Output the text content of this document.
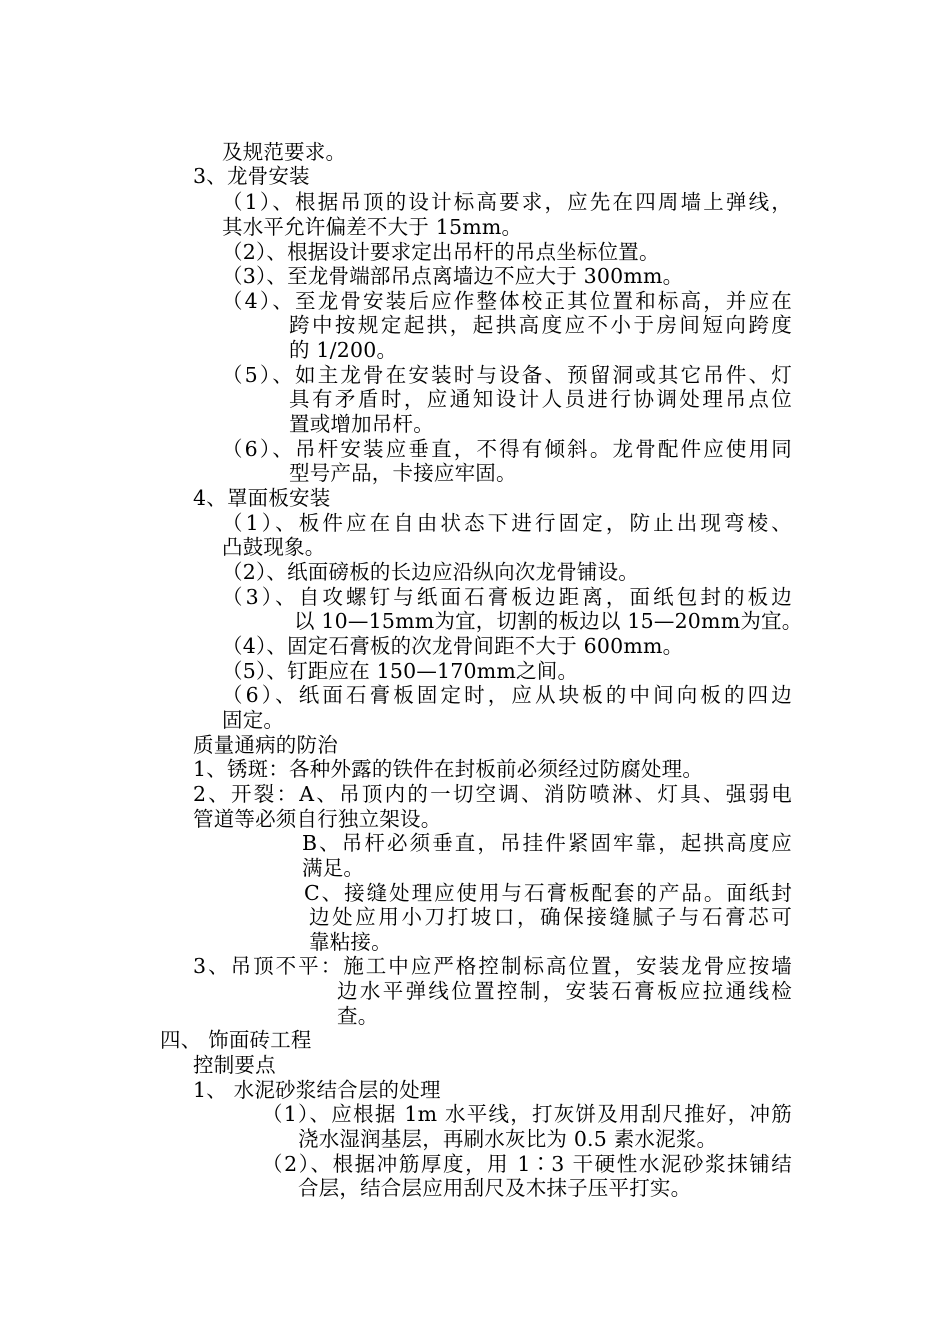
及规范要求。

3、龙骨安装

（1）、根据吊顶的设计标高要求，应先在四周墙上弹线，

其水平允许偏差不大于 15mm。

（2）、根据设计要求定出吊杆的吊点坐标位置。

（3）、至龙骨端部吊点离墙边不应大于 300mm。

（4）、至龙骨安装后应作整体校正其位置和标高，并应在

跨中按规定起拱，起拱高度应不小于房间短向跨度

的 1/200。

（5）、如主龙骨在安装时与设备、预留洞或其它吊件、灯

具有矛盾时，应通知设计人员进行协调处理吊点位

置或增加吊杆。

（6）、吊杆安装应垂直，不得有倾斜。龙骨配件应使用同

型号产品，卡接应牢固。

4、罩面板安装

（1）、板件应在自由状态下进行固定，防止出现弯棱、

凸鼓现象。

（2）、纸面磅板的长边应沿纵向次龙骨铺设。

（3）、自攻螺钉与纸面石膏板边距离，面纸包封的板边

以 10—15mm为宜，切割的板边以 15—20mm为宜。

（4）、固定石膏板的次龙骨间距不大于 600mm。

（5）、钉距应在 150—170mm之间。

（6）、纸面石膏板固定时，应从块板的中间向板的四边

固定。

质量通病的防治

1、锈斑：各种外露的铁件在封板前必须经过防腐处理。

2、开裂：A、吊顶内的一切空调、消防喷淋、灯具、强弱电

管道等必须自行独立架设。

B、吊杆必须垂直，吊挂件紧固牢靠，起拱高度应

满足。

C、接缝处理应使用与石膏板配套的产品。面纸封

边处应用小刀打坡口，确保接缝腻子与石膏芯可

靠粘接。

3、吊顶不平：施工中应严格控制标高位置，安装龙骨应按墙

边水平弹线位置控制，安装石膏板应拉通线检

查。

四、 饰面砖工程

控制要点

1、 水泥砂浆结合层的处理

（1）、应根据 1m 水平线，打灰饼及用刮尺推好，冲筋

浇水湿润基层，再刷水灰比为 0.5 素水泥浆。

（2）、根据冲筋厚度，用 1∶3 干硬性水泥砂浆抹铺结

合层，结合层应用刮尺及木抹子压平打实。
